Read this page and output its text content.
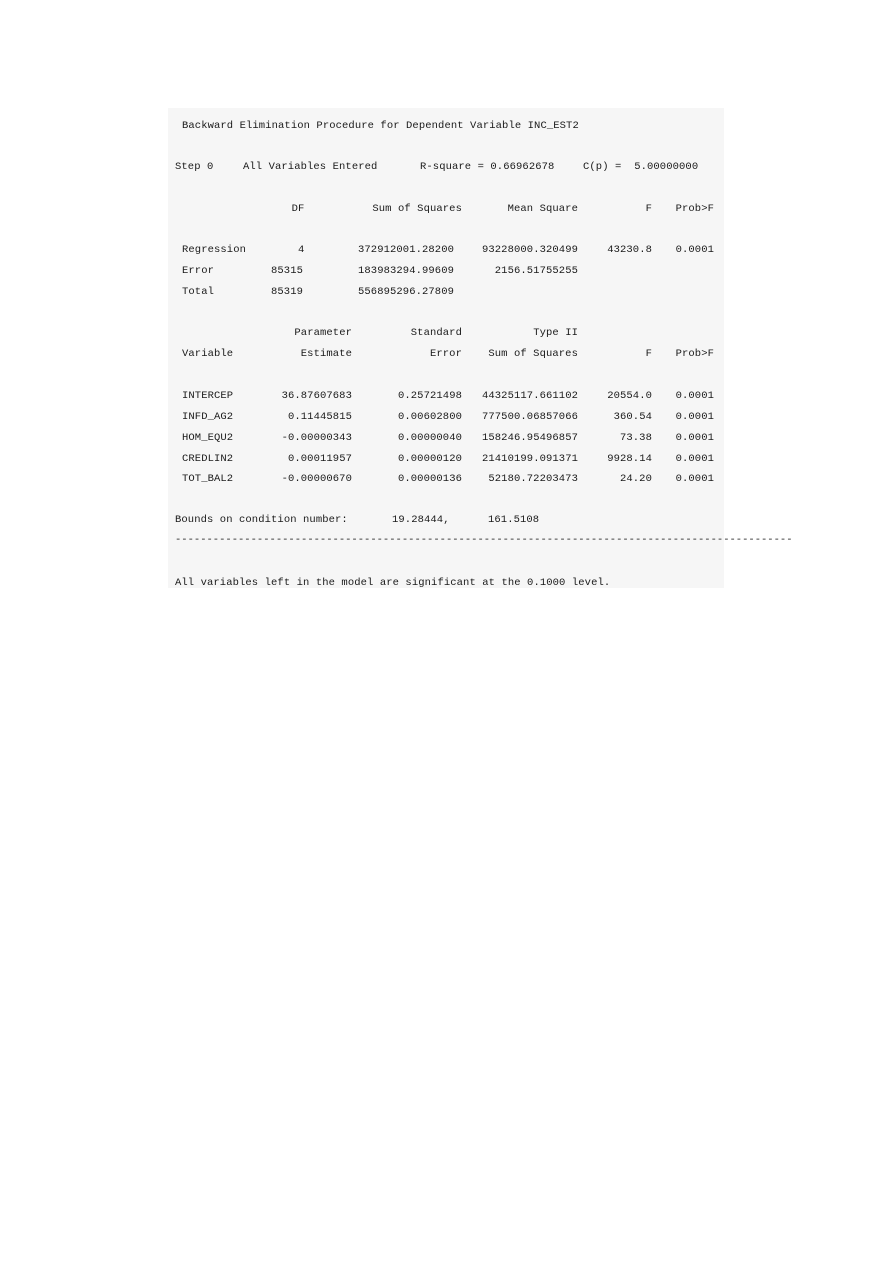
Backward Elimination Procedure for Dependent Variable INC_EST2
Step 0	All Variables Entered	R-square = 0.66962678	C(p) =  5.00000000
DF	Sum of Squares	Mean Square	F	Prob>F
Regression	4	372912001.28200	93228000.320499	43230.8	0.0001
Error	85315	183983294.99609	2156.51755255
Total	85319	556895296.27809
Parameter	Standard	Type II
Variable	Estimate	Error	Sum of Squares	F	Prob>F
INTERCEP	36.87607683	0.25721498	44325117.661102	20554.0	0.0001
INFD_AG2	0.11445815	0.00602800	777500.06857066	360.54	0.0001
HOM_EQU2	-0.00000343	0.00000040	158246.95496857	73.38	0.0001
CREDLIN2	0.00011957	0.00000120	21410199.091371	9928.14	0.0001
TOT_BAL2	-0.00000670	0.00000136	52180.72203473	24.20	0.0001
Bounds on condition number:	19.28444,	161.5108
--------------------------------------------------------------------------------------------------
All variables left in the model are significant at the 0.1000 level.
